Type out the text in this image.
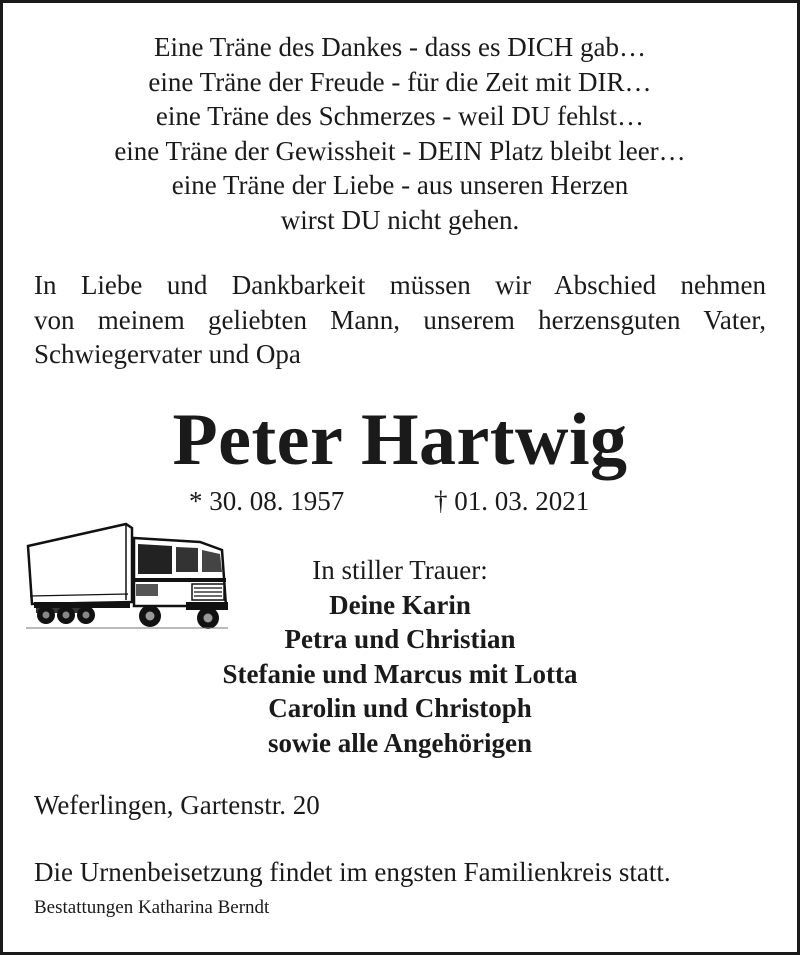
Eine Träne des Dankes - dass es DICH gab…
eine Träne der Freude - für die Zeit mit DIR…
eine Träne des Schmerzes - weil DU fehlst…
eine Träne der Gewissheit - DEIN Platz bleibt leer…
eine Träne der Liebe - aus unseren Herzen
wirst DU nicht gehen.
In Liebe und Dankbarkeit müssen wir Abschied nehmen
von meinem geliebten Mann, unserem herzensguten Vater,
Schwiegervater und Opa
Peter Hartwig
* 30. 08. 1957	† 01. 03. 2021
In stiller Trauer:
Deine Karin
Petra und Christian
Stefanie und Marcus mit Lotta
Carolin und Christoph
sowie alle Angehörigen
Weferlingen, Gartenstr. 20
Die Urnenbeisetzung findet im engsten Familienkreis statt.
Bestattungen Katharina Berndt
